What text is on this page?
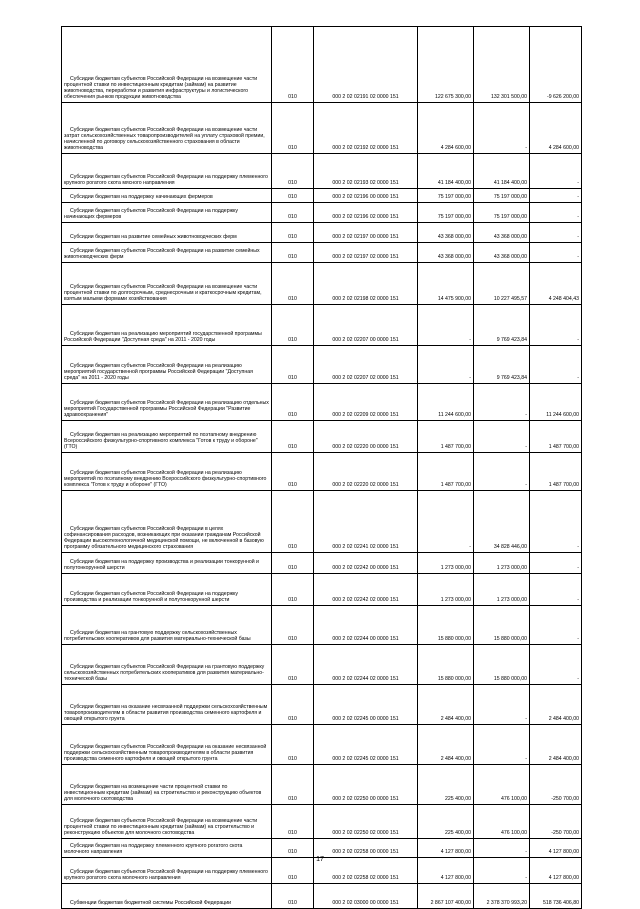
Субсидии бюджетам субъектов Российской Федерации на возмещение части процентной ставки по инвестиционным кредитам (займам) на развитие животноводства, переработки и развития инфраструктуры и логистического обеспечения рынков продукции животноводства	010	000 2 02 02191 02 0000 151	122 675 300,00	132 301 500,00	-9 626 200,00
Субсидии бюджетам субъектов Российской Федерации на возмещение части затрат сельскохозяйственных товаропроизводителей на уплату страховой премии, начисленной по договору сельскохозяйственного страхования в области животноводства	010	000 2 02 02192 02 0000 151	4 284 600,00	-	4 284 600,00
Субсидии бюджетам субъектов Российской Федерации на поддержку племенного крупного рогатого скота мясного направления	010	000 2 02 02193 02 0000 151	41 184 400,00	41 184 400,00	-
Субсидии бюджетам на поддержку начинающих фермеров	010	000 2 02 02196 00 0000 151	75 197 000,00	75 197 000,00	-
Субсидии бюджетам субъектов Российской Федерации на поддержку начинающих фермеров	010	000 2 02 02196 02 0000 151	75 197 000,00	75 197 000,00	-
Субсидии бюджетам на развитие семейных животноводческих ферм	010	000 2 02 02197 00 0000 151	43 368 000,00	43 368 000,00	-
Субсидии бюджетам субъектов Российской Федерации на развитие семейных животноводческих ферм	010	000 2 02 02197 02 0000 151	43 368 000,00	43 368 000,00	-
Субсидии бюджетам субъектов Российской Федерации на возмещение части процентной ставки по долгосрочным, среднесрочным и краткосрочным кредитам, взятым малыми формами хозяйствования	010	000 2 02 02198 02 0000 151	14 475 900,00	10 227 495,57	4 248 404,43
Субсидии бюджетам на реализацию мероприятий государственной программы Российской Федерации "Доступная среда" на 2011 - 2020 годы	010	000 2 02 02207 00 0000 151	-	9 769 423,84	-
Субсидии бюджетам субъектов Российской Федерации на реализацию мероприятий государственной программы Российской Федерации "Доступная среда" на 2011 - 2020 годы	010	000 2 02 02207 02 0000 151	-	9 769 423,84	-
Субсидии бюджетам субъектов Российской Федерации на реализацию отдельных мероприятий Государственной программы Российской Федерации "Развитие здравоохранения"	010	000 2 02 02209 02 0000 151	11 244 600,00	-	11 244 600,00
Субсидии бюджетам на реализацию мероприятий по поэтапному внедрению Всероссийского физкультурно-спортивного комплекса "Готов к труду и обороне" (ГТО)	010	000 2 02 02220 00 0000 151	1 487 700,00	-	1 487 700,00
Субсидии бюджетам субъектов Российской Федерации на реализацию мероприятий по поэтапному внедрению Всероссийского физкультурно-спортивного комплекса "Готов к труду и обороне" (ГТО)	010	000 2 02 02220 02 0000 151	1 487 700,00	-	1 487 700,00
Субсидии бюджетам субъектов Российской Федерации в целях софинансирования расходов, возникающих при оказании гражданам Российской Федерации высокотехнологичной медицинской помощи, не включенной в базовую программу обязательного медицинского страхования	010	000 2 02 02241 02 0000 151	-	34 828 446,00	-
Субсидии бюджетам на поддержку производства и реализации тонкорунной и полутонкорунной шерсти	010	000 2 02 02242 00 0000 151	1 273 000,00	1 273 000,00	-
Субсидии бюджетам субъектов Российской Федерации на поддержку производства и реализации тонкорунной и полутонкорунной шерсти	010	000 2 02 02242 02 0000 151	1 273 000,00	1 273 000,00	-
Субсидии бюджетам на грантовую поддержку сельскохозяйственных потребительских кооперативов для развития материально-технической базы	010	000 2 02 02244 00 0000 151	15 880 000,00	15 880 000,00	-
Субсидии бюджетам субъектов Российской Федерации на грантовую поддержку сельскохозяйственных потребительских кооперативов для развития материально-технической базы	010	000 2 02 02244 02 0000 151	15 880 000,00	15 880 000,00	-
Субсидии бюджетам на оказание несвязанной поддержки сельскохозяйственным товаропроизводителям в области развития производства семенного картофеля и овощей открытого грунта	010	000 2 02 02245 00 0000 151	2 484 400,00	-	2 484 400,00
Субсидии бюджетам субъектов Российской Федерации на оказание несвязанной поддержки сельскохозяйственным товаропроизводителям в области развития производства семенного картофеля и овощей открытого грунта	010	000 2 02 02245 02 0000 151	2 484 400,00	-	2 484 400,00
Субсидии бюджетам на возмещение части процентной ставки по инвестиционным кредитам (займам) на строительство и реконструкцию объектов для молочного скотоводства	010	000 2 02 02250 00 0000 151	225 400,00	476 100,00	-250 700,00
Субсидии бюджетам субъектов Российской Федерации на возмещение части процентной ставки по инвестиционным кредитам (займам) на строительство и реконструкцию объектов для молочного скотоводства	010	000 2 02 02250 02 0000 151	225 400,00	476 100,00	-250 700,00
Субсидии бюджетам на поддержку племенного крупного рогатого скота молочного направления	010	000 2 02 02258 00 0000 151	4 127 800,00	-	4 127 800,00
Субсидии бюджетам субъектов Российской Федерации на поддержку племенного крупного рогатого скота молочного направления	010	000 2 02 02258 02 0000 151	4 127 800,00	-	4 127 800,00
Субвенции бюджетам бюджетной системы Российской Федерации	010	000 2 02 03000 00 0000 151	2 867 107 400,00	2 378 370 993,20	518 736 406,80
17
